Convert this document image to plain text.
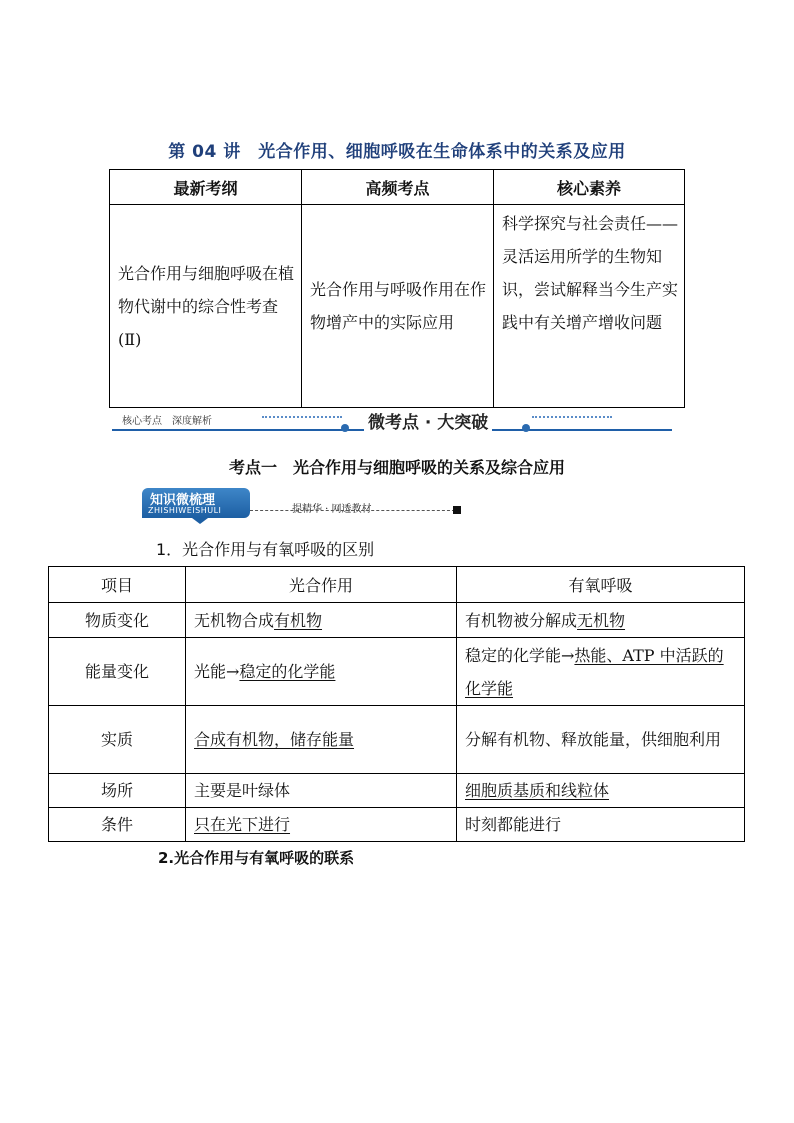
第 04 讲　光合作用、细胞呼吸在生命体系中的关系及应用
最新考纲	高频考点	核心素养
光合作用与细胞呼吸在植物代谢中的综合性考查(Ⅱ)	光合作用与呼吸作用在作物增产中的实际应用	科学探究与社会责任——灵活运用所学的生物知识，尝试解释当今生产实践中有关增产增收问题
核心考点　深度解析	微考点 · 大突破
考点一　光合作用与细胞呼吸的关系及综合应用
知识微梳理
ZHISHIWEISHULI	提精华 · 网透教材
1．光合作用与有氧呼吸的区别
项目	光合作用	有氧呼吸
物质变化	无机物合成有机物	有机物被分解成无机物
能量变化	光能→稳定的化学能	稳定的化学能→热能、ATP 中活跃的化学能
实质	合成有机物，储存能量	分解有机物、释放能量，供细胞利用
场所	主要是叶绿体	细胞质基质和线粒体
条件	只在光下进行	时刻都能进行
2.光合作用与有氧呼吸的联系
